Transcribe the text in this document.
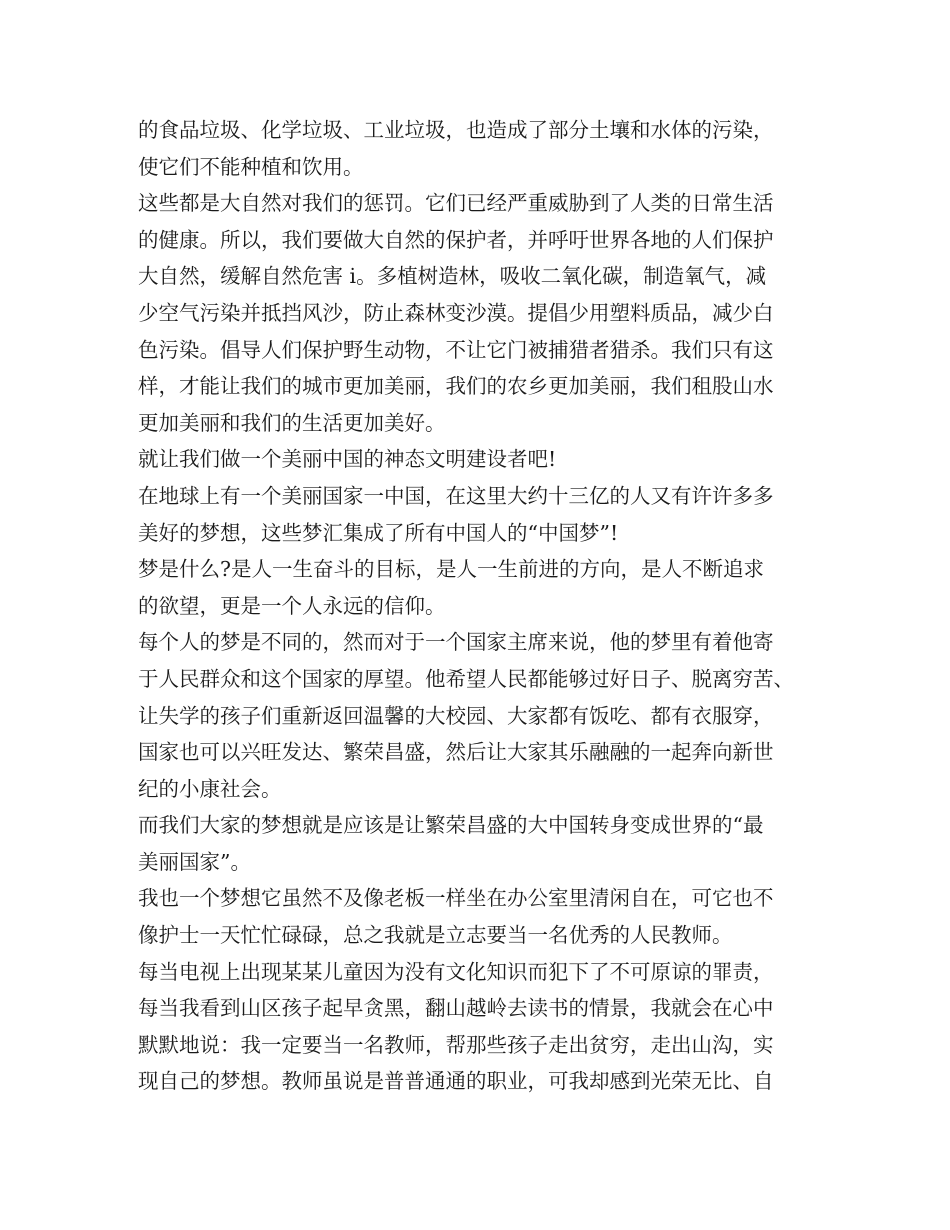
的食品垃圾、化学垃圾、工业垃圾，也造成了部分土壤和水体的污染，
使它们不能种植和饮用。
这些都是大自然对我们的惩罚。它们已经严重威胁到了人类的日常生活
的健康。所以，我们要做大自然的保护者，并呼吁世界各地的人们保护
大自然，缓解自然危害 i。多植树造林，吸收二氧化碳，制造氧气，减
少空气污染并抵挡风沙，防止森林变沙漠。提倡少用塑料质品，减少白
色污染。倡导人们保护野生动物，不让它门被捕猎者猎杀。我们只有这
样，才能让我们的城市更加美丽，我们的农乡更加美丽，我们租股山水
更加美丽和我们的生活更加美好。
就让我们做一个美丽中国的神态文明建设者吧!
在地球上有一个美丽国家一中国，在这里大约十三亿的人又有许许多多
美好的梦想，这些梦汇集成了所有中国人的“中国梦”!
梦是什么?是人一生奋斗的目标，是人一生前进的方向，是人不断追求
的欲望，更是一个人永远的信仰。
每个人的梦是不同的，然而对于一个国家主席来说，他的梦里有着他寄
于人民群众和这个国家的厚望。他希望人民都能够过好日子、脱离穷苦、
让失学的孩子们重新返回温馨的大校园、大家都有饭吃、都有衣服穿，
国家也可以兴旺发达、繁荣昌盛，然后让大家其乐融融的一起奔向新世
纪的小康社会。
而我们大家的梦想就是应该是让繁荣昌盛的大中国转身变成世界的“最
美丽国家”。
我也一个梦想它虽然不及像老板一样坐在办公室里清闲自在，可它也不
像护士一天忙忙碌碌，总之我就是立志要当一名优秀的人民教师。
每当电视上出现某某儿童因为没有文化知识而犯下了不可原谅的罪责，
每当我看到山区孩子起早贪黑，翻山越岭去读书的情景，我就会在心中
默默地说：我一定要当一名教师，帮那些孩子走出贫穷，走出山沟，实
现自己的梦想。教师虽说是普普通通的职业，可我却感到光荣无比、自
